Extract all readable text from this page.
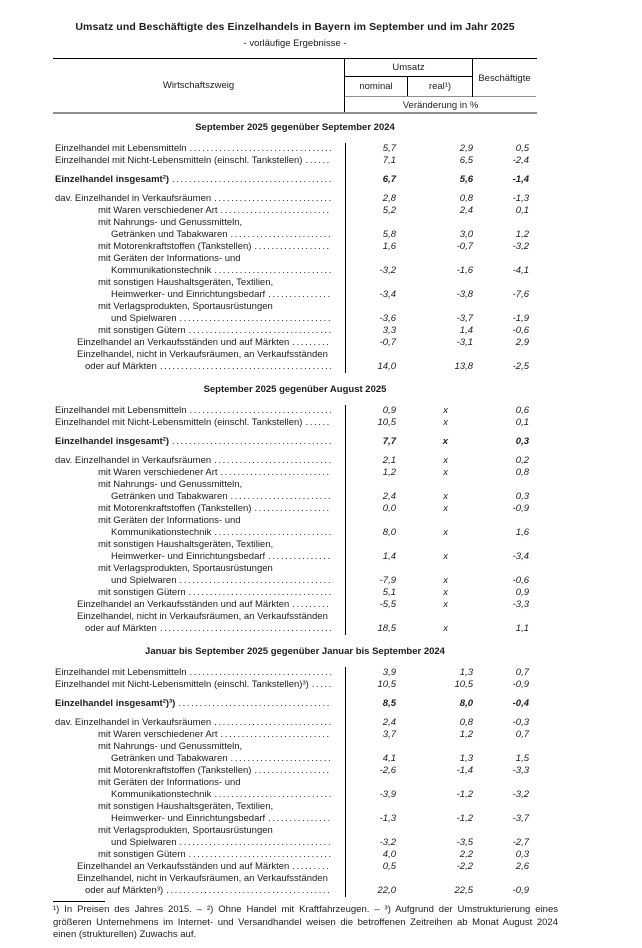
Umsatz und Beschäftigte des Einzelhandels in Bayern im September und im Jahr 2025
- vorläufige Ergebnisse -
Wirtschaftszweig
Umsatz
nominal	real¹)
Veränderung in %
Beschäftigte
September 2025 gegenüber September 2024
Einzelhandel mit Lebensmitteln .....	5,7	2,9	0,5
Einzelhandel mit Nicht-Lebensmitteln (einschl. Tankstellen) .....	7,1	6,5	-2,4
Einzelhandel insgesamt²) .....	6,7	5,6	-1,4
dav. Einzelhandel in Verkaufsräumen .....	2,8	0,8	-1,3
mit Waren verschiedener Art .....	5,2	2,4	0,1
mit Nahrungs- und Genussmitteln,
Getränken und Tabakwaren .....	5,8	3,0	1,2
mit Motorenkraftstoffen (Tankstellen) .....	1,6	-0,7	-3,2
mit Geräten der Informations- und
Kommunikationstechnik .....	-3,2	-1,6	-4,1
mit sonstigen Haushaltsgeräten, Textilien,
Heimwerker- und Einrichtungsbedarf .....	-3,4	-3,8	-7,6
mit Verlagsprodukten, Sportausrüstungen
und Spielwaren .....	-3,6	-3,7	-1,9
mit sonstigen Gütern .....	3,3	1,4	-0,6
Einzelhandel an Verkaufsständen und auf Märkten .....	-0,7	-3,1	2,9
Einzelhandel, nicht in Verkaufsräumen, an Verkaufsständen
oder auf Märkten .....	14,0	13,8	-2,5
September 2025 gegenüber August 2025
Einzelhandel mit Lebensmitteln .....	0,9	x	0,6
Einzelhandel mit Nicht-Lebensmitteln (einschl. Tankstellen) .....	10,5	x	0,1
Einzelhandel insgesamt²) .....	7,7	x	0,3
dav. Einzelhandel in Verkaufsräumen .....	2,1	x	0,2
mit Waren verschiedener Art .....	1,2	x	0,8
mit Nahrungs- und Genussmitteln,
Getränken und Tabakwaren .....	2,4	x	0,3
mit Motorenkraftstoffen (Tankstellen) .....	0,0	x	-0,9
mit Geräten der Informations- und
Kommunikationstechnik .....	8,0	x	1,6
mit sonstigen Haushaltsgeräten, Textilien,
Heimwerker- und Einrichtungsbedarf .....	1,4	x	-3,4
mit Verlagsprodukten, Sportausrüstungen
und Spielwaren .....	-7,9	x	-0,6
mit sonstigen Gütern .....	5,1	x	0,9
Einzelhandel an Verkaufsständen und auf Märkten .....	-5,5	x	-3,3
Einzelhandel, nicht in Verkaufsräumen, an Verkaufsständen
oder auf Märkten .....	18,5	x	1,1
Januar bis September 2025 gegenüber Januar bis September 2024
Einzelhandel mit Lebensmitteln .....	3,9	1,3	0,7
Einzelhandel mit Nicht-Lebensmitteln (einschl. Tankstellen)³) .....	10,5	10,5	-0,9
Einzelhandel insgesamt²)³) .....	8,5	8,0	-0,4
dav. Einzelhandel in Verkaufsräumen .....	2,4	0,8	-0,3
mit Waren verschiedener Art .....	3,7	1,2	0,7
mit Nahrungs- und Genussmitteln,
Getränken und Tabakwaren .....	4,1	1,3	1,5
mit Motorenkraftstoffen (Tankstellen) .....	-2,6	-1,4	-3,3
mit Geräten der Informations- und
Kommunikationstechnik .....	-3,9	-1,2	-3,2
mit sonstigen Haushaltsgeräten, Textilien,
Heimwerker- und Einrichtungsbedarf .....	-1,3	-1,2	-3,7
mit Verlagsprodukten, Sportausrüstungen
und Spielwaren .....	-3,2	-3,5	-2,7
mit sonstigen Gütern .....	4,0	2,2	0,3
Einzelhandel an Verkaufsständen und auf Märkten .....	0,5	-2,2	2,6
Einzelhandel, nicht in Verkaufsräumen, an Verkaufsständen
oder auf Märkten³) .....	22,0	22,5	-0,9
¹) In Preisen des Jahres 2015. – ²) Ohne Handel mit Kraftfahrzeugen. – ³) Aufgrund der Umstrukturierung eines größeren Unternehmens im Internet- und Versandhandel weisen die betroffenen Zeitreihen ab Monat August 2024 einen (strukturellen) Zuwachs auf.
